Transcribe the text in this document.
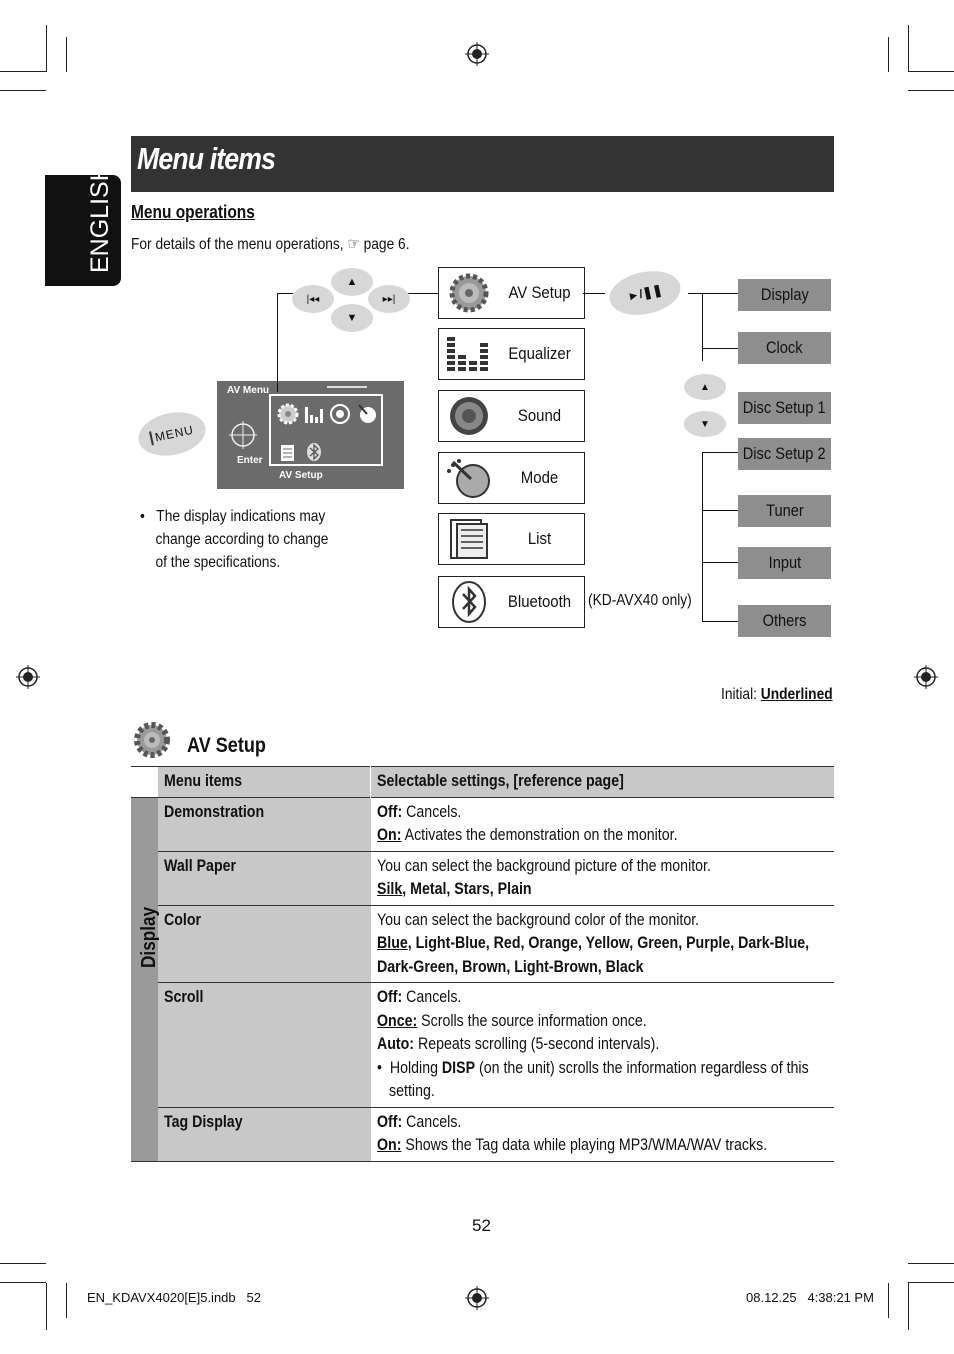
Menu items
ENGLISH Menu operations
For details of the menu operations, ☞ page 6.
MENU
AV Menu
Enter
AV Setup
|◂◂
▲
▸▸|
▼
AV Setup
Equalizer
Sound
Mode
List
Bluetooth	(KD-AVX40 only)
►/❚❚
▲
▼
Display
Clock
Disc Setup 1
Disc Setup 2
Tuner
Input
Others
•   The display indications may
change according to change
of the specifications.
Initial: Underlined
AV Setup

	Menu items	Selectable settings, [reference page]

Display	Demonstration	Off: Cancels.
On: Activates the demonstration on the monitor.

	Wall Paper	You can select the background picture of the monitor.
Silk, Metal, Stars, Plain

	Color	You can select the background color of the monitor.
Blue, Light-Blue, Red, Orange, Yellow, Green, Purple, Dark-Blue,
Dark-Green, Brown, Light-Brown, Black

	Scroll	Off: Cancels.
Once: Scrolls the source information once.
Auto: Repeats scrolling (5-second intervals).
•  Holding DISP (on the unit) scrolls the information regardless of this
setting.

	Tag Display	Off: Cancels.
On: Shows the Tag data while playing MP3/WMA/WAV tracks.
52
EN_KDAVX4020[E]5.indb   52	08.12.25   4:38:21 PM
